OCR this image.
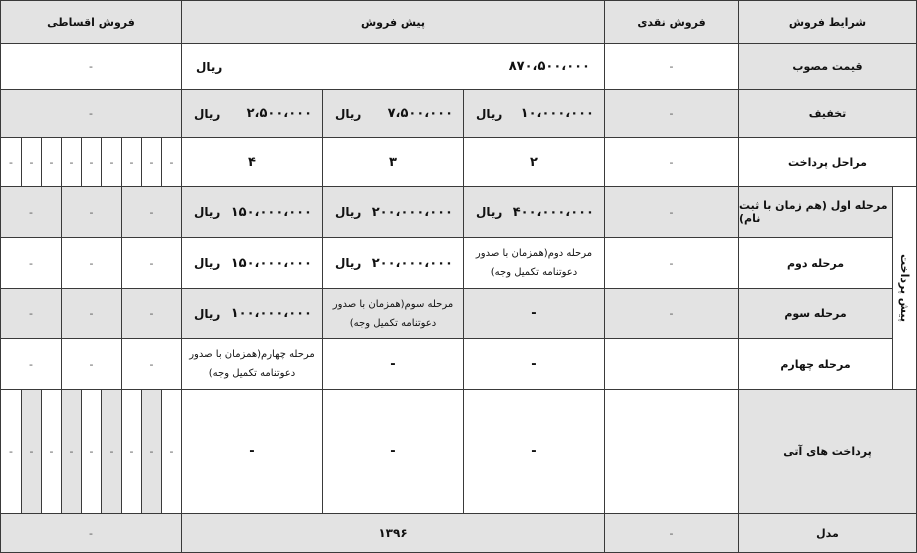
شرایط فروش
فروش نقدی
پیش فروش
فروش اقساطی
قیمت مصوب
-
۸۷۰،۵۰۰،۰۰۰
ریال
-
تخفیف
-
۱۰،۰۰۰،۰۰۰
ریال
۷،۵۰۰،۰۰۰
ریال
۲،۵۰۰،۰۰۰
ریال
-
مراحل پرداخت
-
۲
۳
۴
-
-
-
-
-
-
-
-
-
پیش پرداخت
مرحله اول (هم زمان با ثبت نام)
-
۴۰۰،۰۰۰،۰۰۰
ریال
۲۰۰،۰۰۰،۰۰۰
ریال
۱۵۰،۰۰۰،۰۰۰
ریال
-
-
-
مرحله دوم
-
مرحله دوم(همزمان با صدور
دعوتنامه تکمیل وجه)
۲۰۰،۰۰۰،۰۰۰
ریال
۱۵۰،۰۰۰،۰۰۰
ریال
-
-
-
مرحله سوم
-
-
مرحله سوم(همزمان با صدور
دعوتنامه تکمیل وجه)
۱۰۰،۰۰۰،۰۰۰
ریال
-
-
-
مرحله چهارم
-
-
مرحله چهارم(همزمان با صدور
دعوتنامه تکمیل وجه)
-
-
-
پرداخت های آتی
-
-
-
-
-
-
-
-
-
-
-
-
مدل
-
۱۳۹۶
-
